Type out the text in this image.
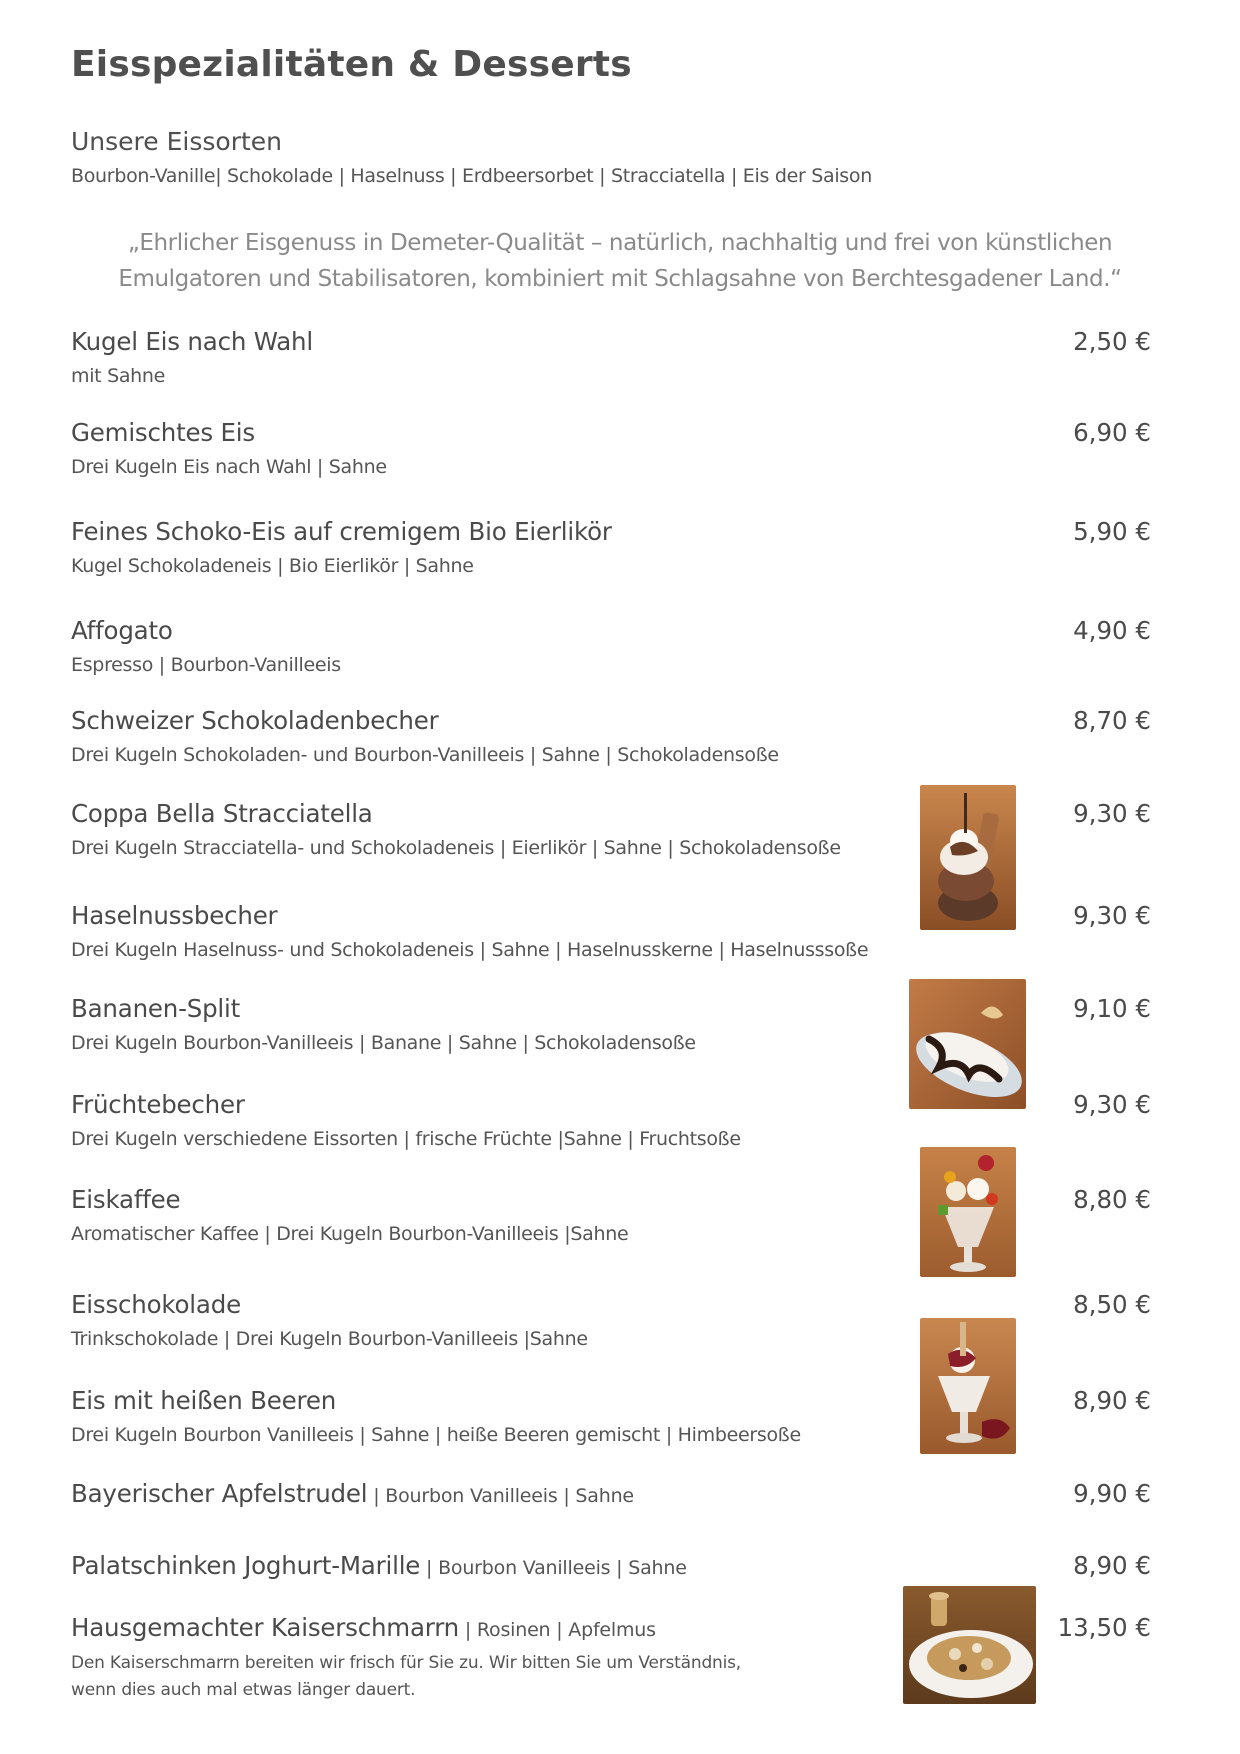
Eisspezialitäten & Desserts
Unsere Eissorten
Bourbon-Vanille| Schokolade | Haselnuss | Erdbeersorbet | Stracciatella | Eis der Saison

„Ehrlicher Eisgenuss in Demeter-Qualität – natürlich, nachhaltig und frei von künstlichen
Emulgatoren und Stabilisatoren, kombiniert mit Schlagsahne von Berchtesgadener Land.“

Kugel Eis nach Wahl
mit Sahne
2,50 €
Gemischtes Eis
Drei Kugeln Eis nach Wahl | Sahne
6,90 €
Feines Schoko-Eis auf cremigem Bio Eierlikör
Kugel Schokoladeneis | Bio Eierlikör | Sahne
5,90 €
Affogato
Espresso | Bourbon-Vanilleeis
4,90 €
Schweizer Schokoladenbecher
Drei Kugeln Schokoladen- und Bourbon-Vanilleeis | Sahne | Schokoladensoße
8,70 €
Coppa Bella Stracciatella
Drei Kugeln Stracciatella- und Schokoladeneis | Eierlikör | Sahne | Schokoladensoße
9,30 €
Haselnussbecher
Drei Kugeln Haselnuss- und Schokoladeneis | Sahne | Haselnusskerne | Haselnusssoße
9,30 €
Bananen-Split
Drei Kugeln Bourbon-Vanilleeis | Banane | Sahne | Schokoladensoße
9,10 €
Früchtebecher
Drei Kugeln verschiedene Eissorten | frische Früchte |Sahne | Fruchtsoße
9,30 €
Eiskaffee
Aromatischer Kaffee | Drei Kugeln Bourbon-Vanilleeis |Sahne
8,80 €
Eisschokolade
Trinkschokolade | Drei Kugeln Bourbon-Vanilleeis |Sahne
8,50 €
Eis mit heißen Beeren
Drei Kugeln Bourbon Vanilleeis | Sahne | heiße Beeren gemischt | Himbeersoße
8,90 €
Bayerischer Apfelstrudel | Bourbon Vanilleeis | Sahne	9,90 €
Palatschinken Joghurt-Marille | Bourbon Vanilleeis | Sahne	8,90 €
Hausgemachter Kaiserschmarrn | Rosinen | Apfelmus
Den Kaiserschmarrn bereiten wir frisch für Sie zu. Wir bitten Sie um Verständnis,
wenn dies auch mal etwas länger dauert.
13,50 €
